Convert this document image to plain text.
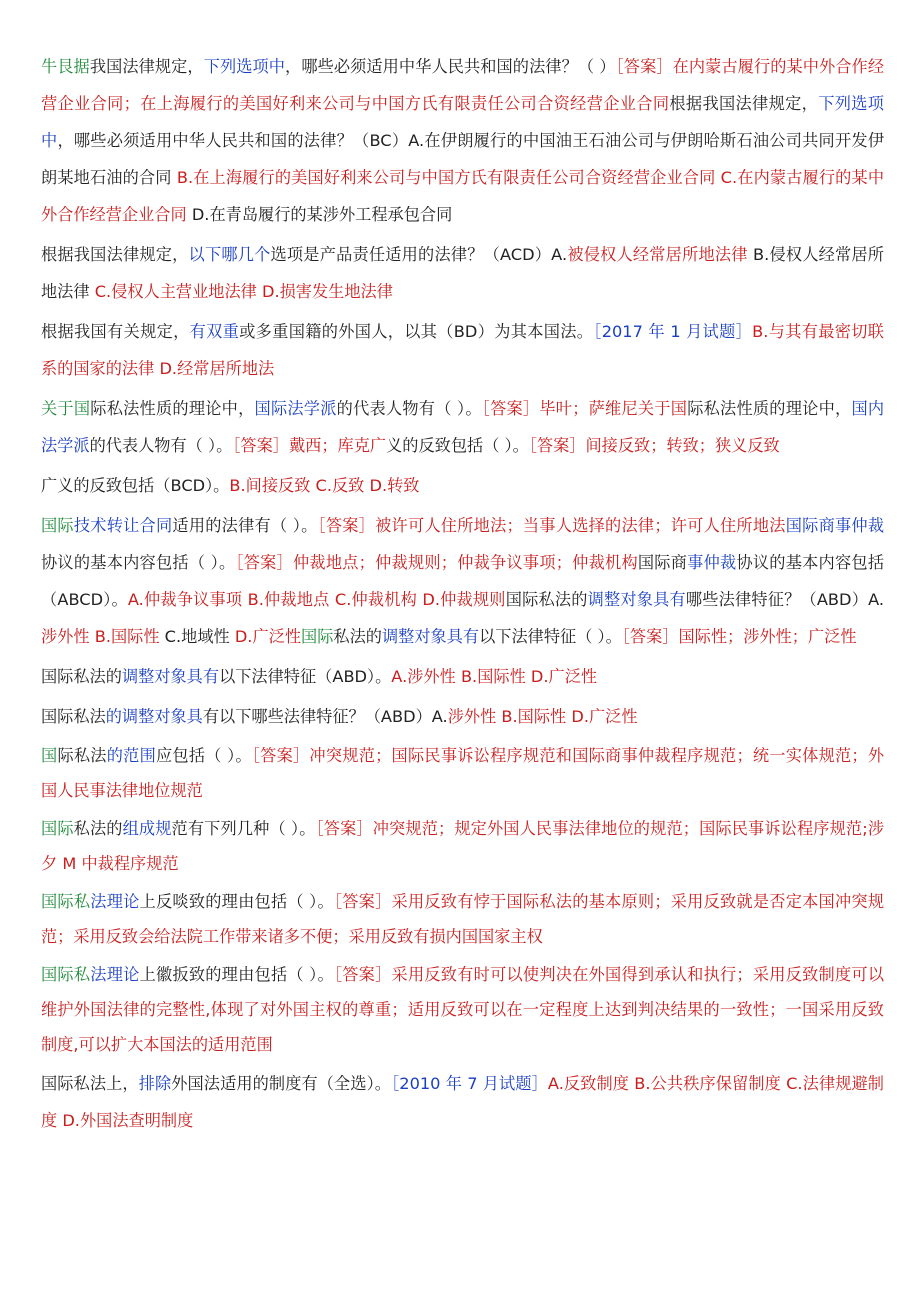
牛艮据我国法律规定，下列选项中，哪些必须适用中华人民共和国的法律？（ ）［答案］在内蒙古履行的某中外合作经营企业合同；在上海履行的美国好利来公司与中国方氏有限责任公司合资经营企业合同根据我国法律规定，下列选项中，哪些必须适用中华人民共和国的法律？（BC）A.在伊朗履行的中国油王石油公司与伊朗哈斯石油公司共同开发伊朗某地石油的合同 B.在上海履行的美国好利来公司与中国方氏有限责任公司合资经营企业合同 C.在内蒙古履行的某中外合作经营企业合同 D.在青岛履行的某涉外工程承包合同

根据我国法律规定，以下哪几个选项是产品责任适用的法律？（ACD）A.被侵权人经常居所地法律 B.侵权人经常居所地法律 C.侵权人主营业地法律 D.损害发生地法律

根据我国有关规定，有双重或多重国籍的外国人，以其（BD）为其本国法。［2017 年 1 月试题］B.与其有最密切联系的国家的法律 D.经常居所地法

关于国际私法性质的理论中，国际法学派的代表人物有（ ）。［答案］毕叶；萨维尼关于国际私法性质的理论中，国内法学派的代表人物有（ ）。［答案］戴西；库克广义的反致包括（ ）。［答案］间接反致；转致；狭义反致

广义的反致包括（BCD）。B.间接反致 C.反致 D.转致

国际技术转让合同适用的法律有（ ）。［答案］被许可人住所地法；当事人选择的法律；许可人住所地法国际商事仲裁协议的基本内容包括（ ）。［答案］仲裁地点；仲裁规则；仲裁争议事项；仲裁机构国际商事仲裁协议的基本内容包括（ABCD）。A.仲裁争议事项 B.仲裁地点 C.仲裁机构 D.仲裁规则国际私法的调整对象具有哪些法律特征？（ABD）A.涉外性 B.国际性 C.地域性 D.广泛性国际私法的调整对象具有以下法律特征（ ）。［答案］国际性；涉外性；广泛性

国际私法的调整对象具有以下法律特征（ABD）。A.涉外性 B.国际性 D.广泛性

国际私法的调整对象具有以下哪些法律特征？（ABD）A.涉外性 B.国际性 D.广泛性

国际私法的范围应包括（ ）。［答案］冲突规范；国际民事诉讼程序规范和国际商事仲裁程序规范；统一实体规范；外国人民事法律地位规范

国际私法的组成规范有下列几种（ ）。［答案］冲突规范；规定外国人民事法律地位的规范；国际民事诉讼程序规范;涉夕 M 中裁程序规范

国际私法理论上反啖致的理由包括（ ）。［答案］采用反致有悖于国际私法的基本原则；采用反致就是否定本国冲突规范；采用反致会给法院工作带来诸多不便；采用反致有损内国国家主权

国际私法理论上徽扳致的理由包括（ ）。［答案］采用反致有时可以使判决在外国得到承认和执行；采用反致制度可以维护外国法律的完整性,体现了对外国主权的尊重；适用反致可以在一定程度上达到判决结果的一致性；一国采用反致制度,可以扩大本国法的适用范围

国际私法上，排除外国法适用的制度有（全选）。［2010 年 7 月试题］A.反致制度 B.公共秩序保留制度 C.法律规避制度 D.外国法查明制度
